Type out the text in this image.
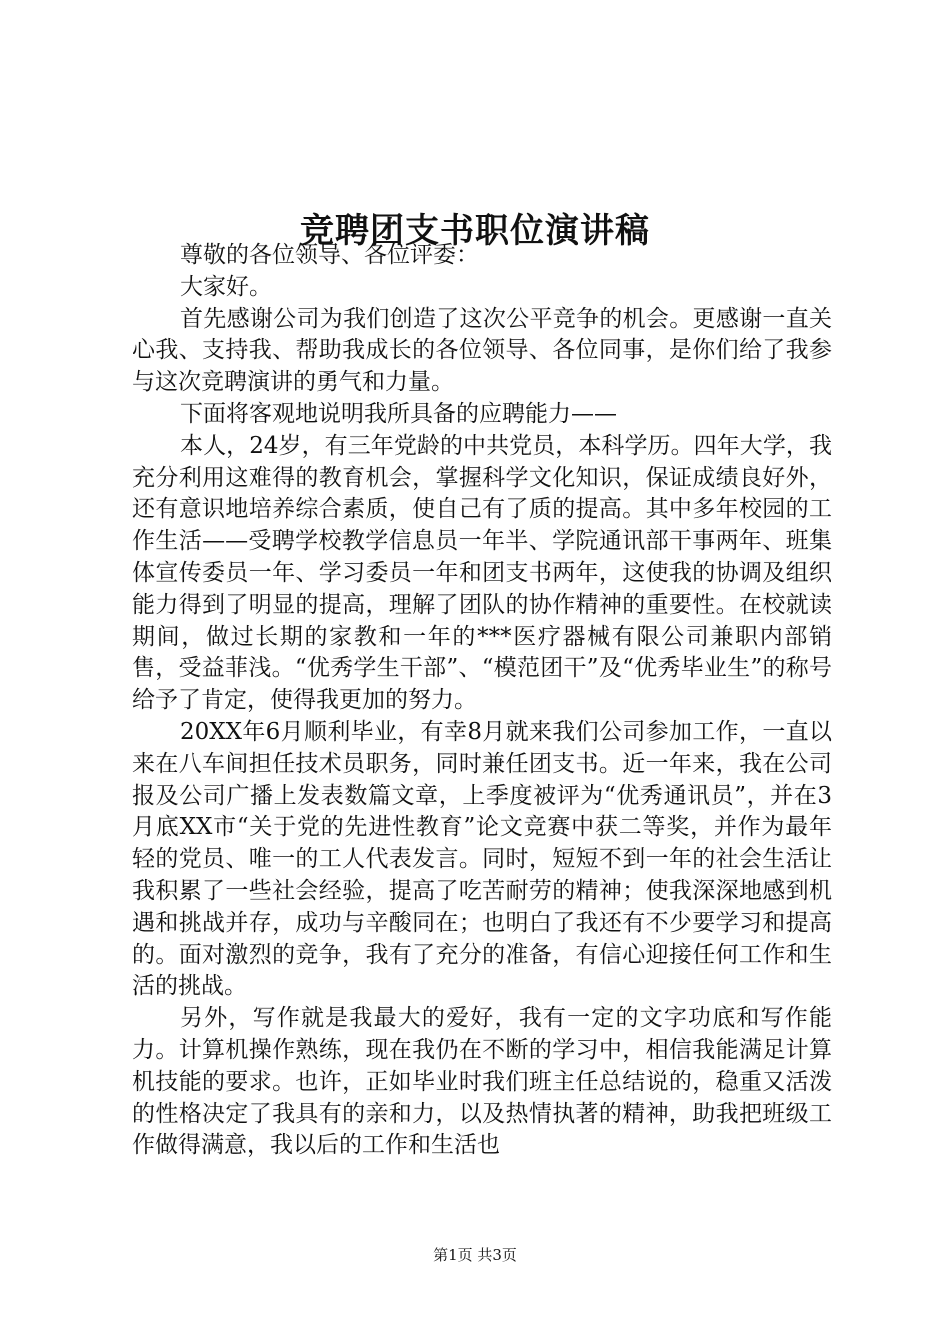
竞聘团支书职位演讲稿

尊敬的各位领导、各位评委：

大家好。

首先感谢公司为我们创造了这次公平竞争的机会。更感谢一直关心我、支持我、帮助我成长的各位领导、各位同事，是你们给了我参与这次竞聘演讲的勇气和力量。

下面将客观地说明我所具备的应聘能力——

本人，24岁，有三年党龄的中共党员，本科学历。四年大学，我充分利用这难得的教育机会，掌握科学文化知识，保证成绩良好外，还有意识地培养综合素质，使自己有了质的提高。其中多年校园的工作生活——受聘学校教学信息员一年半、学院通讯部干事两年、班集体宣传委员一年、学习委员一年和团支书两年，这使我的协调及组织能力得到了明显的提高，理解了团队的协作精神的重要性。在校就读期间，做过长期的家教和一年的***医疗器械有限公司兼职内部销售，受益菲浅。“优秀学生干部”、“模范团干”及“优秀毕业生”的称号给予了肯定，使得我更加的努力。

20XX年6月顺利毕业，有幸8月就来我们公司参加工作，一直以来在八车间担任技术员职务，同时兼任团支书。近一年来，我在公司报及公司广播上发表数篇文章，上季度被评为“优秀通讯员”，并在3月底XX市“关于党的先进性教育”论文竞赛中获二等奖，并作为最年轻的党员、唯一的工人代表发言。同时，短短不到一年的社会生活让我积累了一些社会经验，提高了吃苦耐劳的精神；使我深深地感到机遇和挑战并存，成功与辛酸同在；也明白了我还有不少要学习和提高的。面对激烈的竞争，我有了充分的准备，有信心迎接任何工作和生活的挑战。

另外，写作就是我最大的爱好，我有一定的文字功底和写作能力。计算机操作熟练，现在我仍在不断的学习中，相信我能满足计算机技能的要求。也许，正如毕业时我们班主任总结说的，稳重又活泼的性格决定了我具有的亲和力，以及热情执著的精神，助我把班级工作做得满意，我以后的工作和生活也

第1页 共3页
